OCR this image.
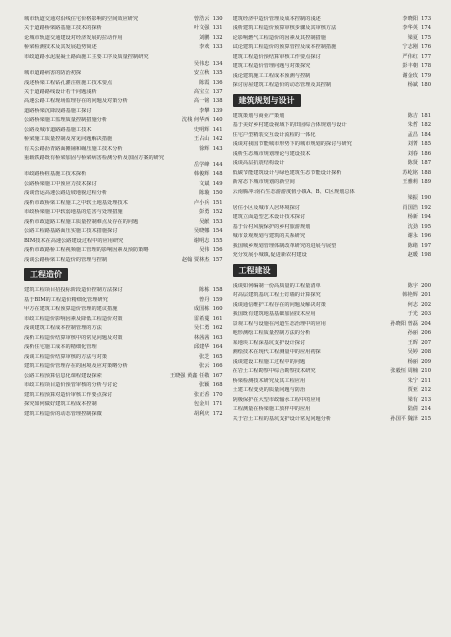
城市轨道交通对沿线住宅价格影响的空间效应研究	曾浩云 130
关于道路桥梁路基施工技术的探析	叶文强 131
论城市轨道交通建设对经济发展的拉动作用	刘鹏 132
桥梁检测技术及其发展趋势简述	李欢 133
市政道路水泥混凝土路面施工主要工序及质量控制研究
吴伟忠 134
城市道路病害的防治初探	安立秋 135
浅述桥梁工程钻孔灌注桩施工技术要点	陈霞 136
关于道路路线设计若干问题浅析	高宝立 137
高速公路工程现场监理存在的问题及对策分析	高一铭 138
道路桥梁沉降段路基施工探讨	李攀 139
公路桥梁施工监理质量控制措施分析	沈栈 何华西 140
公路及城市道路路基施工技术	史明辉 141
桥梁施工质量控制及常见问题解决措施	王占山 142
有关公路沥青路面摊铺和碾压施工技术分析	徐辉 143
重载铁路既有桥梁加固与桥梁病害检测分析及加固方案的研究
岳学峰 144
市政路桥桩基施工技术探析	韩俊辉 148
公路桥梁施工中预应力技术探讨	文斌 149
浅谈营运高速公路边坡地貌过程分析	陈璇 150
浅析市政桥梁工程施工之中软土地基处理技术	卢小兵 151
市政桥梁施工中软弱地基的危害与处理措施	彭勇 152
浅析市政道路工程施工质量控制难点及存在的问题	吴献 153
公路工程路基路面压实施工技术措施探讨	吴晓娜 154
BIM技术在高速公路建设过程中的应用研究	谢明志 155
浅析市政路桥工程视频施工管理的影响因素及预防策略	吴伟 156
浅谈公路桥梁工程造价的管理与控制	赵翰 贾林杰 157
工程造价
建筑工程项目招投标阶段造价控制方法探讨	陈栋 158
基于BIM的工程造价精细化管理研究	曾丹 159
甲方在建筑工程预算造价管理的建议措施	成国栋 160
市政工程造价影响因素及降低工程造价对策	雷希蔓 161
浅谈建筑工程成本控制管理的方法	吴仁勇 162
浅析工程造价结算审核中的常见问题及对策	林茜茜 163
浅析住宅施工成本的精细化管理	邱建华 164
浅谈工程造价结算审核的方法与对策	张芝 165
建筑工程造价管理存在的困境及应对策略分析	张云 166
公路工程预算信息化课程建设探索	王晓强 黄鑫 任敬 167
市政工程项目造价预管审核的分析与讨论	张颖 168
建筑工程预算对造价审核工作要点探讨	张正香 170
探究如何做好建筑工程成本控制	包金川 171
建筑工程造价的动态管理控制探微	胡利庆 172
建筑经济中造价管理及成本控制的浅述	李晓阳 173
浅析建筑工程造价预算审核步骤及其审核方法	李华英 174
论影响燃气工程造价的因素及其控制措施	梁夏 175
试论建筑工程造价的预算管控及成本控制措施	宁志刚 176
建筑工程造价预结算审核工作要点探讨	严伟红 177
建筑工程造价管理问题与对策探究	彭丰朝 178
浅论建筑施工工程成本预测与控制	谢金玫 179
探讨房屋建筑工程造价的动态管理及其控制	杨斌 180
建筑规划与设计
建筑策划与商业产策划	陈吉 181
基于美好乡村建设视域下的田园综合体规划与设计	朱哲 182
住宅户型精装交互设计流程的一体化	孟昌 184
浅谈对我国节能城市形势下的城市规划的探讨与研究	刘菁 185
浅析生态城市规划理论与建设技术	刘春 186
浅谈高层抗震结构设计	陈贤 187
低碳节能建筑设计与绿色建筑生态节能设计探析	苏屹铭 188
新常态下城市规划的新空间	王雅莉 189
云南腾冲:南石生态游游度假小镇A、B、C区规划总体
梁振 190
居住小区及城市人居环境探讨	肖国浩 192
建筑立面造型艺术设计技术探讨	杨新 194
基于台村风貌保护的乡村旅游规划	沈劲 195
城市景观规划与建筑的关系研究	谢永 196
我国城乡规划管理体制改革研究的进展与展望	陈绪 197
充分发展小城镇,促进新农村建设	赵暖 198
工程建设
浅谈如何编制一份高质量的工程量清单	陈宇 200
对高层建筑基坑工程土钉墙的计算探究	韩艳辉 201
浅谈通信维护工程存在的问题及解决对策	何志 202
我国既有建筑地基基础加固技术应用	于光 203
景观工程与设施在河道生态治理中的应用	孙晓阳 曾磊 204
地形测绘工程质量控制方法的分析	孙丽 206
某地块工程深基坑支护设计探讨	王晖 207
测绘技术在现代工程测量中的应用初探	吴婷 208
浅谈建设工程施工过程中的问题	杨丽 209
在岩土工程勘察中综合勘察技术研究	张毅恒 周楠 210
桥梁检测技术研究及其工程应用	朱宁 211
土建工程变更的质量问题与防治	贾亚 212
阴极保护在大型市政输水工程中的应用	梁有 213
工程测量在桥梁施工放样中的应用	陆倩 214
关于岩土工程的基坑支护设计常见问题分析	孙国平 魏泽 215
